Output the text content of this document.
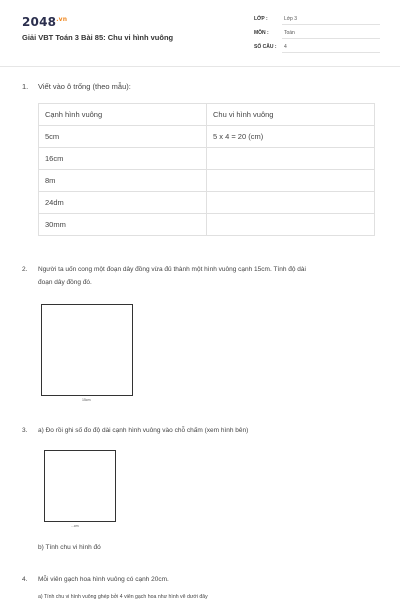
$2048^{.vn}$
Giải VBT Toán 3 Bài 85: Chu vi hình vuông
LỚP :	Lớp 3
MÔN :	Toán
SỐ CÂU : 4
1. Viết vào ô trống (theo mẫu):
Cạnh hình vuông	Chu vi hình vuông
5cm	5 x 4 = 20 (cm)
16cm	
8m	
24dm	
30mm	
2. Người ta uốn cong một đoạn dây đồng vừa đủ thành một hình vuông cạnh 15cm. Tính độ dài
đoạn dây đồng đó.
15cm
3. a) Đo rồi ghi số đo độ dài cạnh hình vuông vào chỗ chấm (xem hình bên)
...cm
b) Tính chu vi hình đó
4. Mỗi viên gạch hoa hình vuông có cạnh 20cm.
a) Tính chu vi hình vuông ghép bởi 4 viên gạch hoa như hình vẽ dưới đây
